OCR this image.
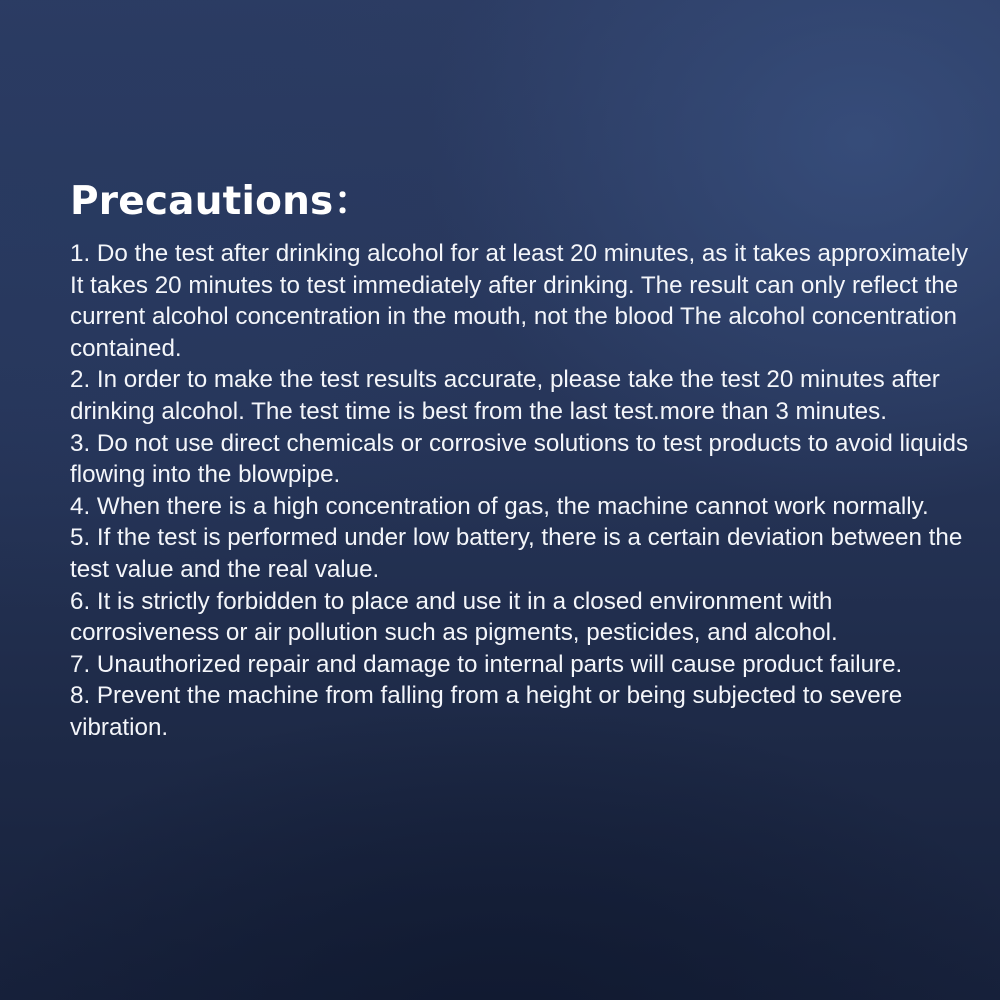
Precautions：

1. Do the test after drinking alcohol for at least 20 minutes, as it takes approximately It takes 20 minutes to test immediately after drinking. The result can only reflect the current alcohol concentration in the mouth, not the blood The alcohol concentration contained.

2. In order to make the test results accurate, please take the test 20 minutes after drinking alcohol. The test time is best from the last test.more than 3 minutes.

3. Do not use direct chemicals or corrosive solutions to test products to avoid liquids flowing into the blowpipe.

4. When there is a high concentration of gas, the machine cannot work normally.

5. If the test is performed under low battery, there is a certain deviation between the test value and the real value.

6. It is strictly forbidden to place and use it in a closed environment with corrosiveness or air pollution such as pigments, pesticides, and alcohol.

7. Unauthorized repair and damage to internal parts will cause product failure.

8. Prevent the machine from falling from a height or being subjected to severe vibration.
